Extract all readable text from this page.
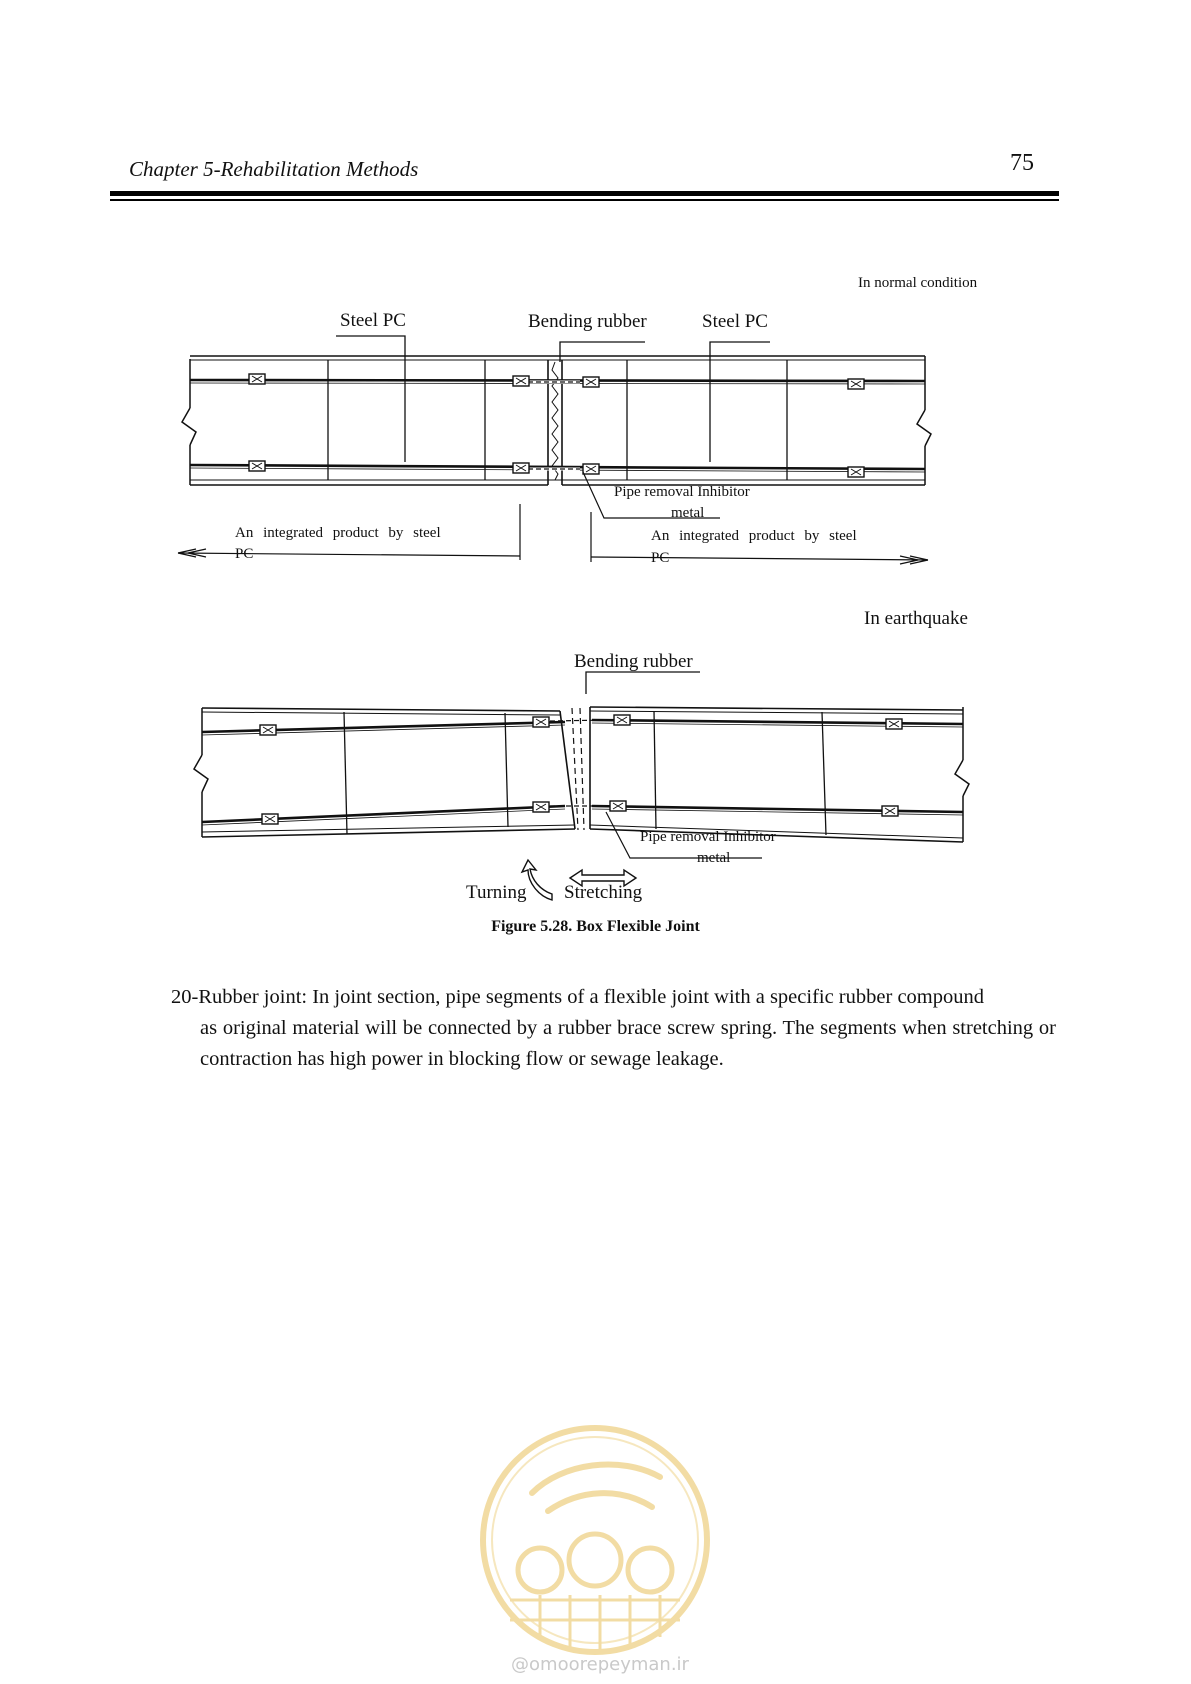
Chapter 5-Rehabilitation Methods	75
In normal condition
Steel PC	Bending rubber	Steel PC
Pipe removal Inhibitor
metal
An integrated product by steel
PC
An integrated product by steel
PC
In earthquake
Bending rubber
Pipe removal Inhibitor
metal
Turning Stretching
Figure 5.28. Box Flexible Joint
20-Rubber joint: In joint section, pipe segments of a flexible joint with a specific rubber compound
as original material will be connected by a rubber brace screw spring. The segments when stretching or contraction has high power in blocking flow or sewage leakage.
@omoorepeyman.ir
